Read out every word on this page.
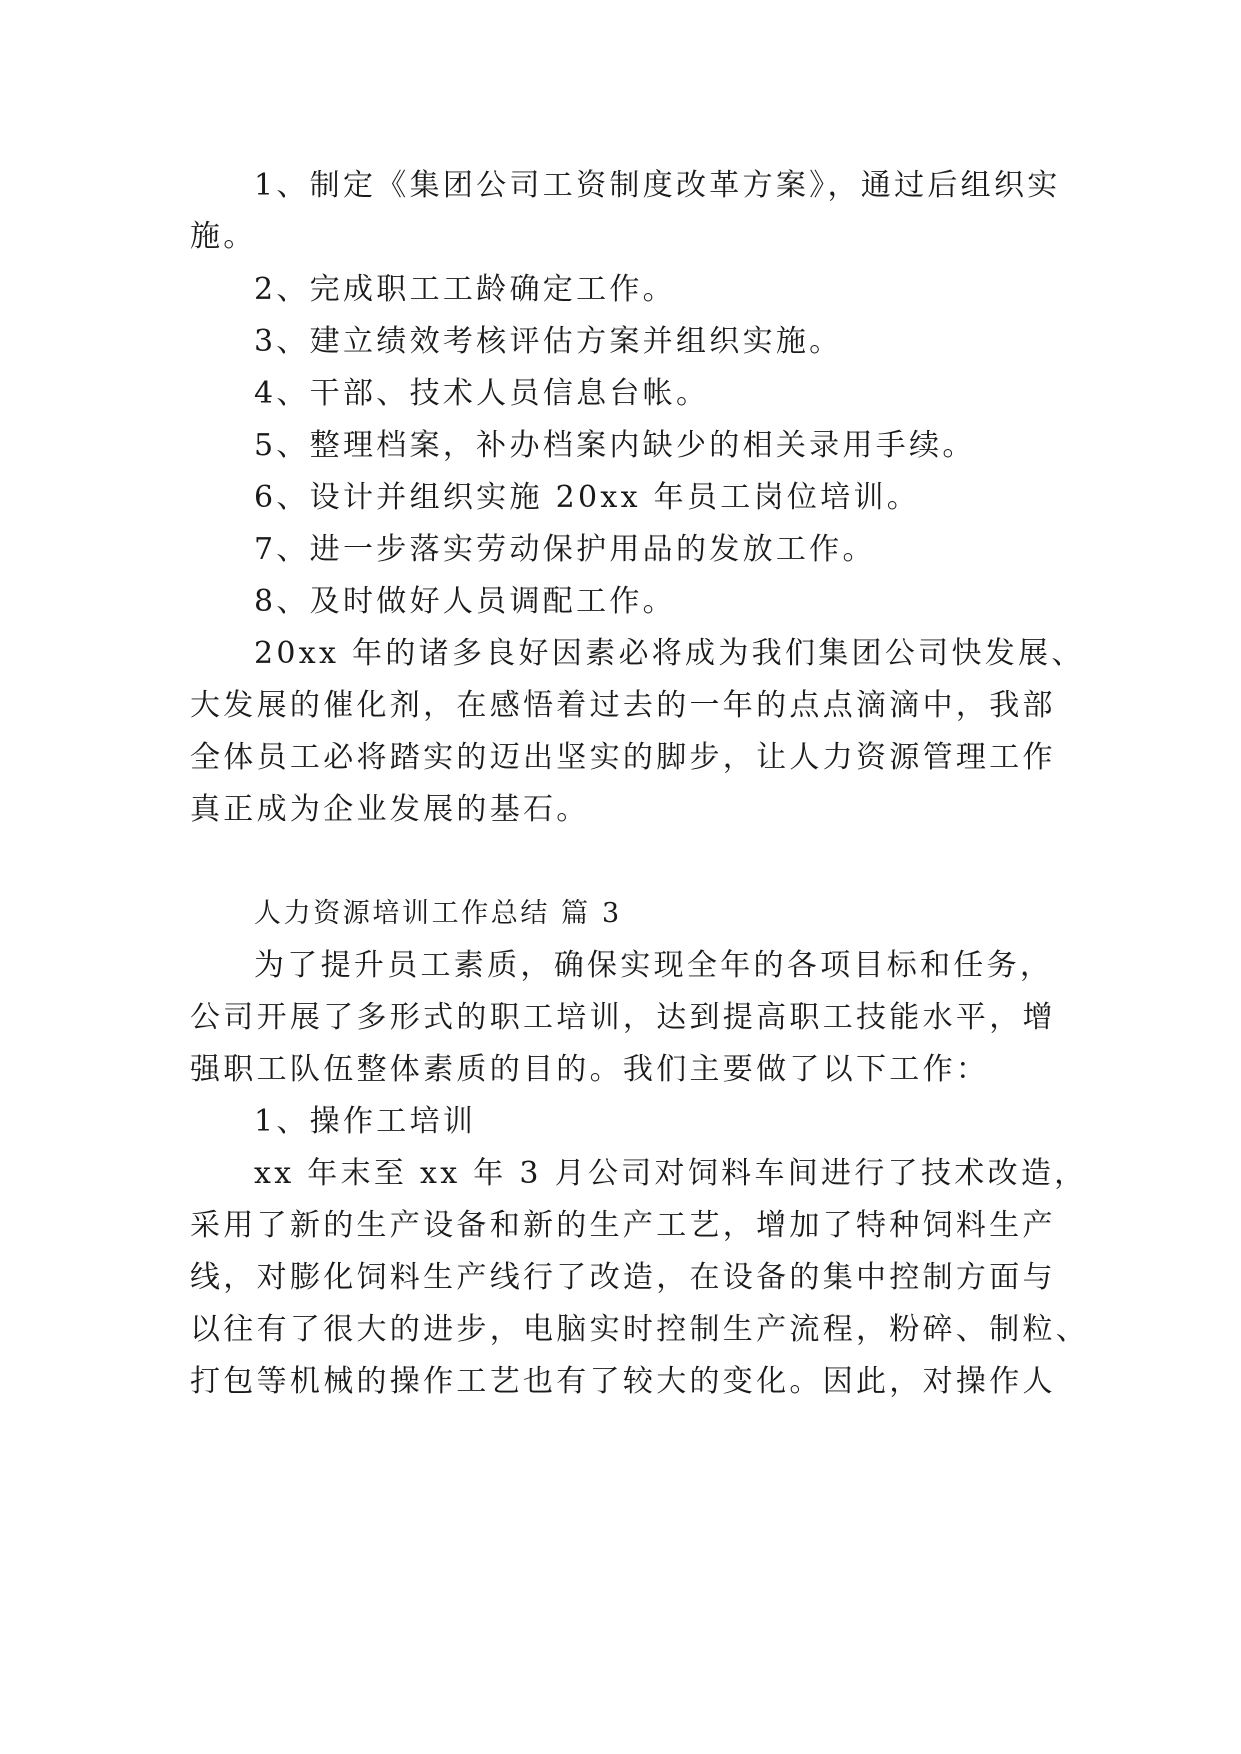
1、制定《集团公司工资制度改革方案》，通过后组织实

施。

2、完成职工工龄确定工作。

3、建立绩效考核评估方案并组织实施。

4、干部、技术人员信息台帐。

5、整理档案，补办档案内缺少的相关录用手续。

6、设计并组织实施 20xx 年员工岗位培训。

7、进一步落实劳动保护用品的发放工作。

8、及时做好人员调配工作。

20xx 年的诸多良好因素必将成为我们集团公司快发展、

大发展的催化剂，在感悟着过去的一年的点点滴滴中，我部

全体员工必将踏实的迈出坚实的脚步，让人力资源管理工作

真正成为企业发展的基石。

人力资源培训工作总结 篇 3

为了提升员工素质，确保实现全年的各项目标和任务，

公司开展了多形式的职工培训，达到提高职工技能水平，增

强职工队伍整体素质的目的。我们主要做了以下工作：

1、操作工培训

xx 年末至 xx 年 3 月公司对饲料车间进行了技术改造，

采用了新的生产设备和新的生产工艺，增加了特种饲料生产

线，对膨化饲料生产线行了改造，在设备的集中控制方面与

以往有了很大的进步，电脑实时控制生产流程，粉碎、制粒、

打包等机械的操作工艺也有了较大的变化。因此，对操作人
